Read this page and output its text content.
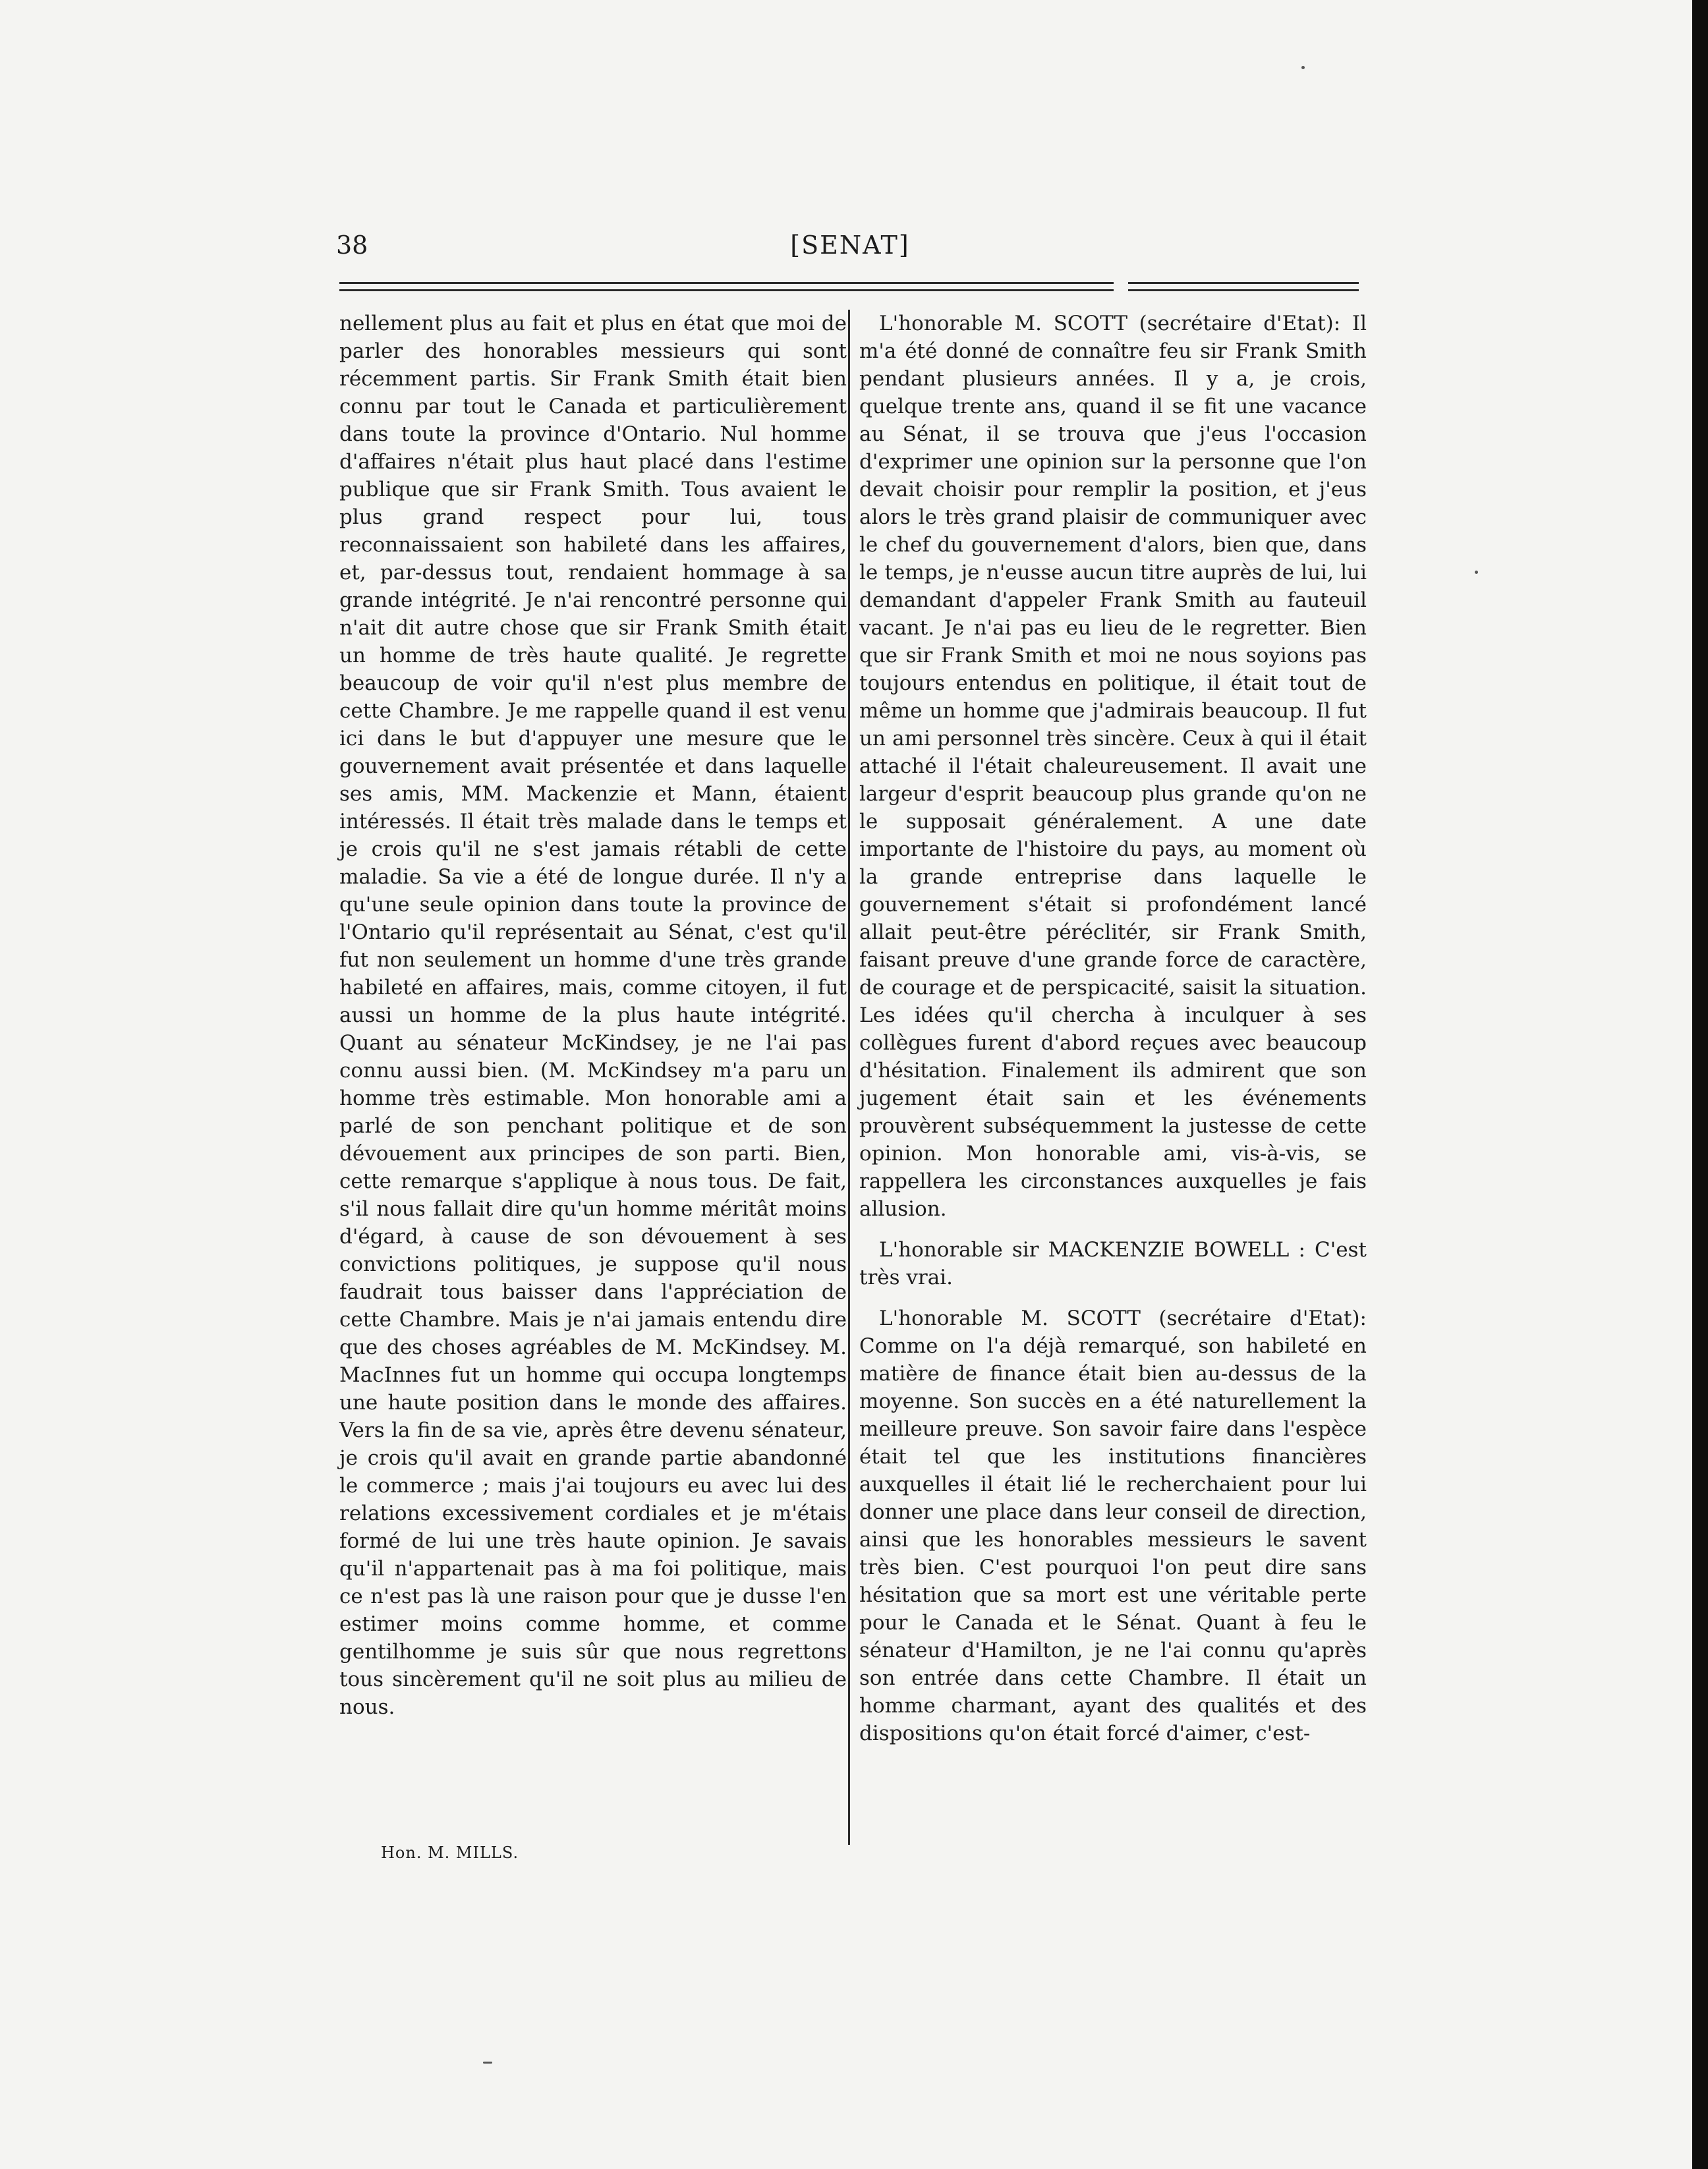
38	[SENAT]

nellement plus au fait et plus en état que moi de parler des honorables messieurs qui sont récemment partis. Sir Frank Smith était bien connu par tout le Canada et particulièrement dans toute la province d'Ontario. Nul homme d'affaires n'était plus haut placé dans l'estime publique que sir Frank Smith. Tous avaient le plus grand respect pour lui, tous reconnaissaient son habileté dans les affaires, et, par-dessus tout, rendaient hommage à sa grande intégrité. Je n'ai rencontré personne qui n'ait dit autre chose que sir Frank Smith était un homme de très haute qualité. Je regrette beaucoup de voir qu'il n'est plus membre de cette Chambre. Je me rappelle quand il est venu ici dans le but d'appuyer une mesure que le gouvernement avait présentée et dans laquelle ses amis, MM. Mackenzie et Mann, étaient intéressés. Il était très malade dans le temps et je crois qu'il ne s'est jamais rétabli de cette maladie. Sa vie a été de longue durée. Il n'y a qu'une seule opinion dans toute la province de l'Ontario qu'il représentait au Sénat, c'est qu'il fut non seulement un homme d'une très grande habileté en affaires, mais, comme citoyen, il fut aussi un homme de la plus haute intégrité. Quant au sénateur McKindsey, je ne l'ai pas connu aussi bien. (M. McKindsey m'a paru un homme très estimable. Mon honorable ami a parlé de son penchant politique et de son dévouement aux principes de son parti. Bien, cette remarque s'applique à nous tous. De fait, s'il nous fallait dire qu'un homme méritât moins d'égard, à cause de son dévouement à ses convictions politiques, je suppose qu'il nous faudrait tous baisser dans l'appréciation de cette Chambre. Mais je n'ai jamais entendu dire que des choses agréables de M. McKindsey. M. MacInnes fut un homme qui occupa longtemps une haute position dans le monde des affaires. Vers la fin de sa vie, après être devenu sénateur, je crois qu'il avait en grande partie abandonné le commerce ; mais j'ai toujours eu avec lui des relations excessivement cordiales et je m'étais formé de lui une très haute opinion. Je savais qu'il n'appartenait pas à ma foi politique, mais ce n'est pas là une raison pour que je dusse l'en estimer moins comme homme, et comme gentilhomme je suis sûr que nous regrettons tous sincèrement qu'il ne soit plus au milieu de nous.

L'honorable M. SCOTT (secrétaire d'Etat): Il m'a été donné de connaître feu sir Frank Smith pendant plusieurs années. Il y a, je crois, quelque trente ans, quand il se fit une vacance au Sénat, il se trouva que j'eus l'occasion d'exprimer une opinion sur la personne que l'on devait choisir pour remplir la position, et j'eus alors le très grand plaisir de communiquer avec le chef du gouvernement d'alors, bien que, dans le temps, je n'eusse aucun titre auprès de lui, lui demandant d'appeler Frank Smith au fauteuil vacant. Je n'ai pas eu lieu de le regretter. Bien que sir Frank Smith et moi ne nous soyions pas toujours entendus en politique, il était tout de même un homme que j'admirais beaucoup. Il fut un ami personnel très sincère. Ceux à qui il était attaché il l'était chaleureusement. Il avait une largeur d'esprit beaucoup plus grande qu'on ne le supposait généralement. A une date importante de l'histoire du pays, au moment où la grande entreprise dans laquelle le gouvernement s'était si profondément lancé allait peut-être péréclitér, sir Frank Smith, faisant preuve d'une grande force de caractère, de courage et de perspicacité, saisit la situation. Les idées qu'il chercha à inculquer à ses collègues furent d'abord reçues avec beaucoup d'hésitation. Finalement ils admirent que son jugement était sain et les événements prouvèrent subséquemment la justesse de cette opinion. Mon honorable ami, vis-à-vis, se rappellera les circonstances auxquelles je fais allusion.

L'honorable sir MACKENZIE BOWELL : C'est très vrai.

L'honorable M. SCOTT (secrétaire d'Etat): Comme on l'a déjà remarqué, son habileté en matière de finance était bien au-dessus de la moyenne. Son succès en a été naturellement la meilleure preuve. Son savoir faire dans l'espèce était tel que les institutions financières auxquelles il était lié le recherchaient pour lui donner une place dans leur conseil de direction, ainsi que les honorables messieurs le savent très bien. C'est pourquoi l'on peut dire sans hésitation que sa mort est une véritable perte pour le Canada et le Sénat. Quant à feu le sénateur d'Hamilton, je ne l'ai connu qu'après son entrée dans cette Chambre. Il était un homme charmant, ayant des qualités et des dispositions qu'on était forcé d'aimer, c'est-

Hon. M. MILLS.
